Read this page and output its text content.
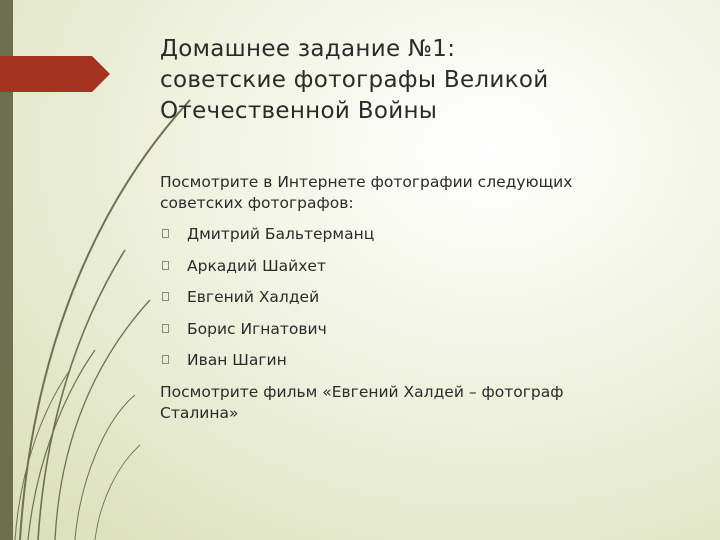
Домашнее задание №1:
советские фотографы Великой
Отечественной Войны

Посмотрите в Интернете фотографии следующих
советских фотографов:

Дмитрий Бальтерманц
Аркадий Шайхет
Евгений Халдей
Борис Игнатович
Иван Шагин

Посмотрите фильм «Евгений Халдей – фотограф
Сталина»
